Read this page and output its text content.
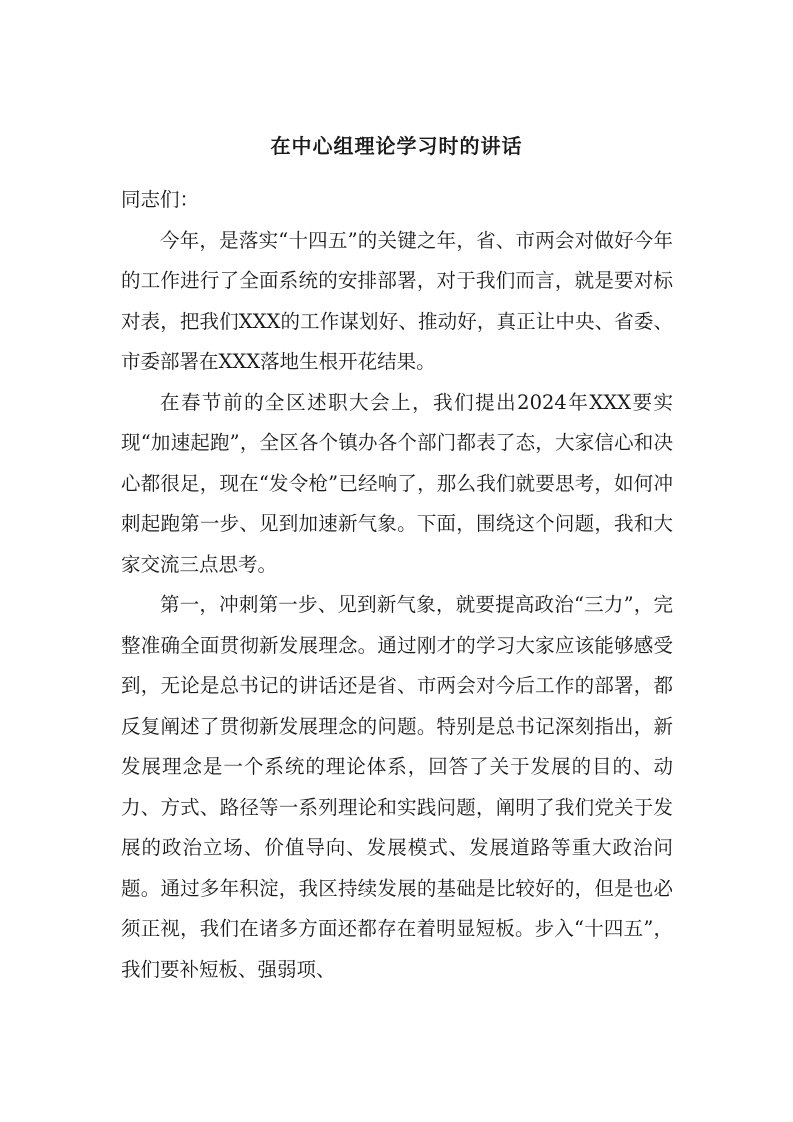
在中心组理论学习时的讲话

同志们：

今年，是落实“十四五”的关键之年，省、市两会对做好今年的工作进行了全面系统的安排部署，对于我们而言，就是要对标对表，把我们XXX的工作谋划好、推动好，真正让中央、省委、市委部署在XXX落地生根开花结果。

在春节前的全区述职大会上，我们提出2024年XXX要实现“加速起跑”，全区各个镇办各个部门都表了态，大家信心和决心都很足，现在“发令枪”已经响了，那么我们就要思考，如何冲刺起跑第一步、见到加速新气象。下面，围绕这个问题，我和大家交流三点思考。

第一，冲刺第一步、见到新气象，就要提高政治“三力”，完整准确全面贯彻新发展理念。通过刚才的学习大家应该能够感受到，无论是总书记的讲话还是省、市两会对今后工作的部署，都反复阐述了贯彻新发展理念的问题。特别是总书记深刻指出，新发展理念是一个系统的理论体系，回答了关于发展的目的、动力、方式、路径等一系列理论和实践问题，阐明了我们党关于发展的政治立场、价值导向、发展模式、发展道路等重大政治问题。通过多年积淀，我区持续发展的基础是比较好的，但是也必须正视，我们在诸多方面还都存在着明显短板。步入“十四五”，我们要补短板、强弱项、
